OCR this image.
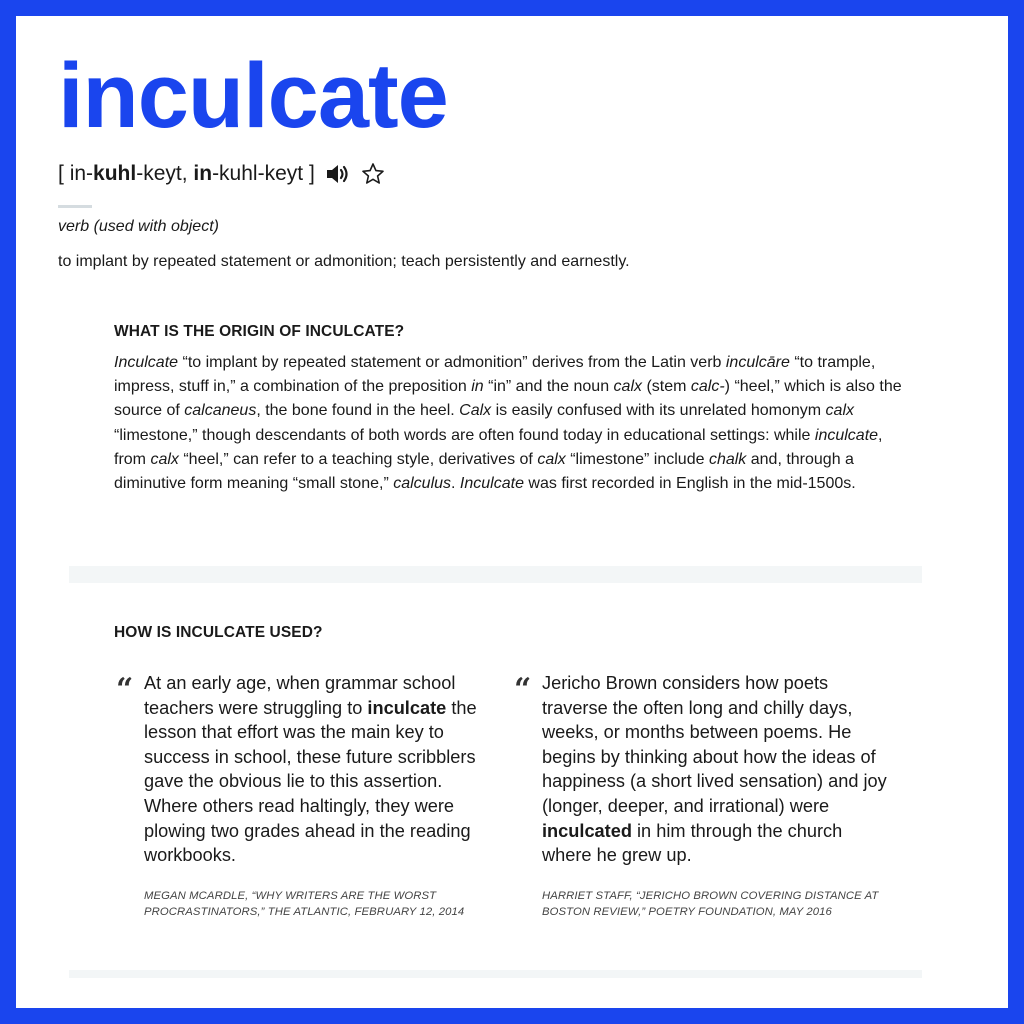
inculcate
[ in-kuhl-keyt, in-kuhl-keyt ]
verb (used with object)
to implant by repeated statement or admonition; teach persistently and earnestly.
WHAT IS THE ORIGIN OF INCULCATE?
Inculcate “to implant by repeated statement or admonition” derives from the Latin verb inculcāre “to trample, impress, stuff in,” a combination of the preposition in “in” and the noun calx (stem calc-) “heel,” which is also the source of calcaneus, the bone found in the heel. Calx is easily confused with its unrelated homonym calx “limestone,” though descendants of both words are often found today in educational settings: while inculcate, from calx “heel,” can refer to a teaching style, derivatives of calx “limestone” include chalk and, through a diminutive form meaning “small stone,” calculus. Inculcate was first recorded in English in the mid-1500s.
HOW IS INCULCATE USED?
“ At an early age, when grammar school teachers were struggling to inculcate the lesson that effort was the main key to success in school, these future scribblers gave the obvious lie to this assertion. Where others read haltingly, they were plowing two grades ahead in the reading workbooks.

MEGAN MCARDLE, “WHY WRITERS ARE THE WORST PROCRASTINATORS,” THE ATLANTIC, FEBRUARY 12, 2014
“ Jericho Brown considers how poets traverse the often long and chilly days, weeks, or months between poems. He begins by thinking about how the ideas of happiness (a short lived sensation) and joy (longer, deeper, and irrational) were inculcated in him through the church where he grew up.

HARRIET STAFF, “JERICHO BROWN COVERING DISTANCE AT BOSTON REVIEW,” POETRY FOUNDATION, MAY 2016
